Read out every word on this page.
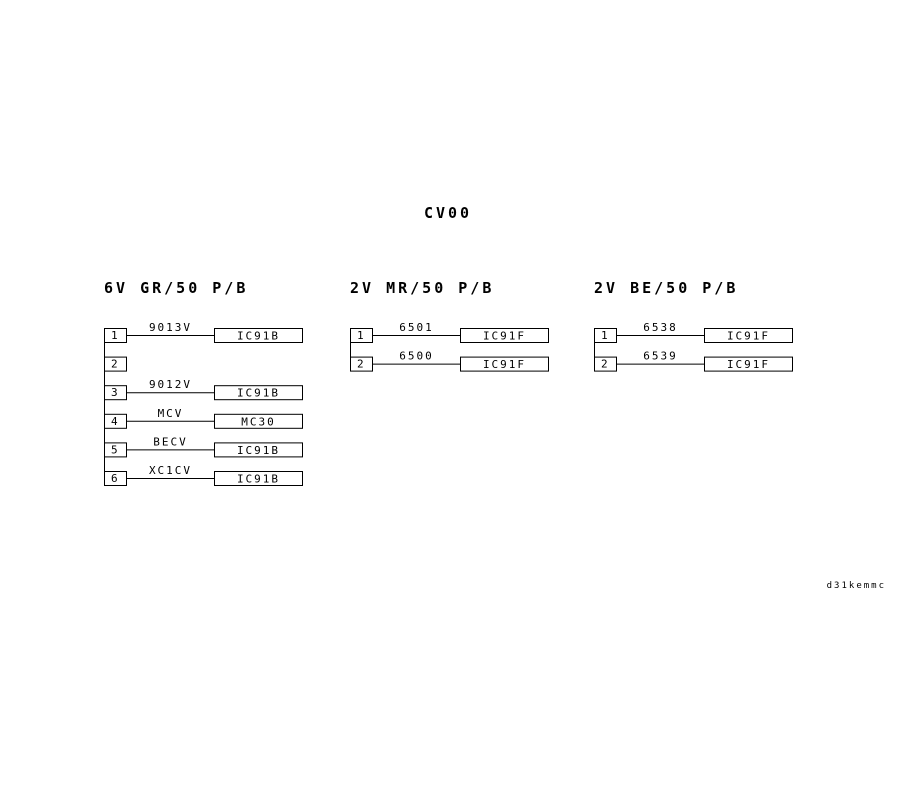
CV00
6V GR/50 P/B
1
9013V
IC91B
2
3
9012V
IC91B
4
MCV
MC30
5
BECV
IC91B
6
XC1CV
IC91B
2V MR/50 P/B
1
6501
IC91F
2
6500
IC91F
2V BE/50 P/B
1
6538
IC91F
2
6539
IC91F
d31kemmc
